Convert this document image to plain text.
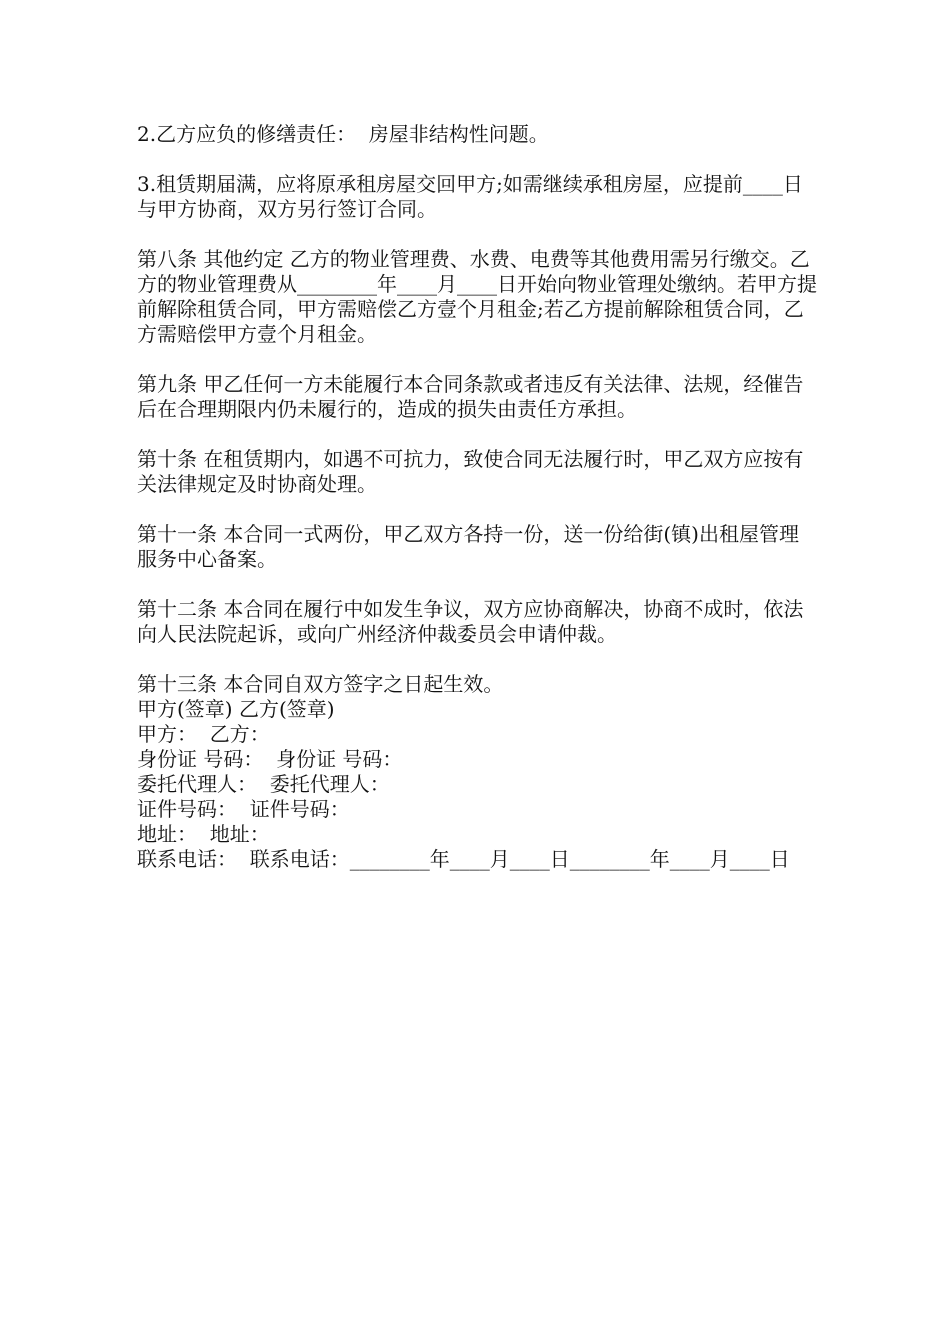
2.乙方应负的修缮责任：  房屋非结构性问题。

3.租赁期届满，应将原承租房屋交回甲方;如需继续承租房屋，应提前____日 与甲方协商，双方另行签订合同。

第八条 其他约定 乙方的物业管理费、水费、电费等其他费用需另行缴交。乙方的物业管理费从________年____月____日开始向物业管理处缴纳。若甲方提前解除租赁合同，甲方需赔偿乙方壹个月租金;若乙方提前解除租赁合同，乙方需赔偿甲方壹个月租金。

第九条 甲乙任何一方未能履行本合同条款或者违反有关法律、法规，经催告后在合理期限内仍未履行的，造成的损失由责任方承担。

第十条 在租赁期内，如遇不可抗力，致使合同无法履行时，甲乙双方应按有关法律规定及时协商处理。

第十一条 本合同一式两份，甲乙双方各持一份，送一份给街(镇)出租屋管理服务中心备案。

第十二条 本合同在履行中如发生争议，双方应协商解决，协商不成时，依法向人民法院起诉，或向广州经济仲裁委员会申请仲裁。

第十三条 本合同自双方签字之日起生效。

甲方(签章) 乙方(签章)

甲方：  乙方：

身份证 号码：  身份证 号码：

委托代理人：  委托代理人：

证件号码：  证件号码：

地址：  地址：

联系电话：  联系电话：________年____月____日________年____月____日
